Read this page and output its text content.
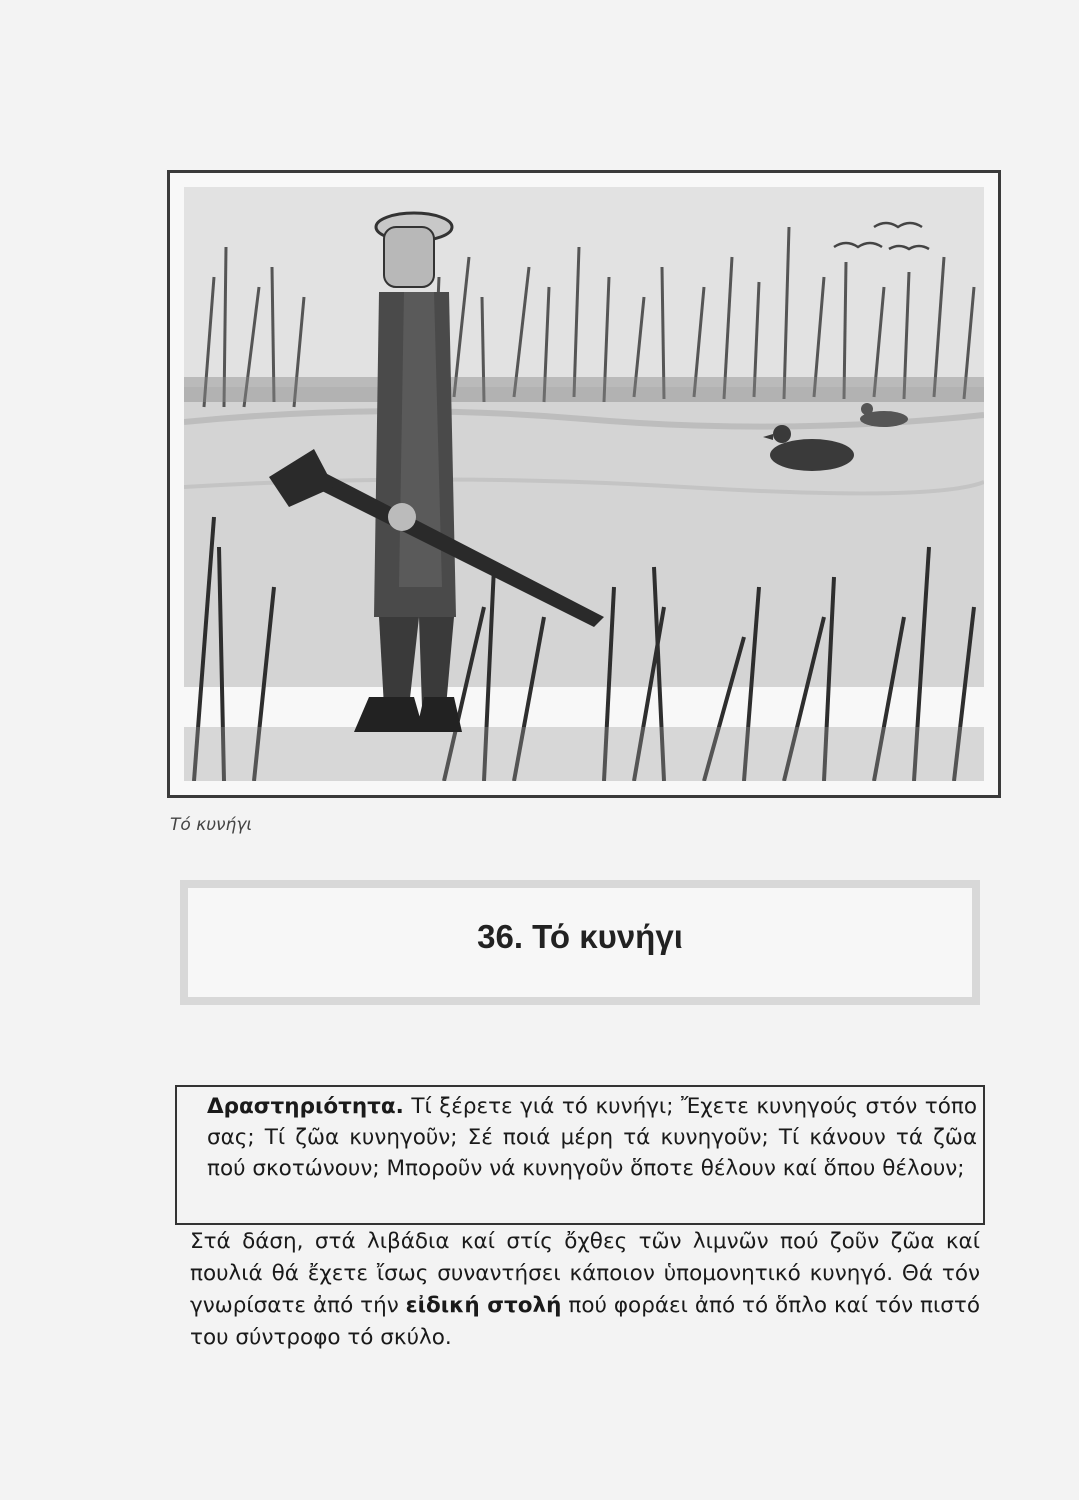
Τό κυνήγι
36. Τό κυνήγι
Δραστηριότητα. Τί ξέρετε γιά τό κυνήγι; Ἔχετε κυνηγούς στόν τόπο σας; Τί ζῶα κυνηγοῦν; Σέ ποιά μέρη τά κυνηγοῦν; Τί κάνουν τά ζῶα πού σκοτώνουν; Μποροῦν νά κυνηγοῦν ὅποτε θέλουν καί ὅπου θέλουν;
Στά δάση, στά λιβάδια καί στίς ὄχθες τῶν λιμνῶν πού ζοῦν ζῶα καί πουλιά θά ἔχετε ἴσως συναντήσει κάποιον ὑπομονητικό κυνηγό. Θά τόν γνωρίσατε ἀπό τήν εἰδική στολή πού φοράει ἀπό τό ὅπλο καί τόν πιστό του σύντροφο τό σκύλο.
